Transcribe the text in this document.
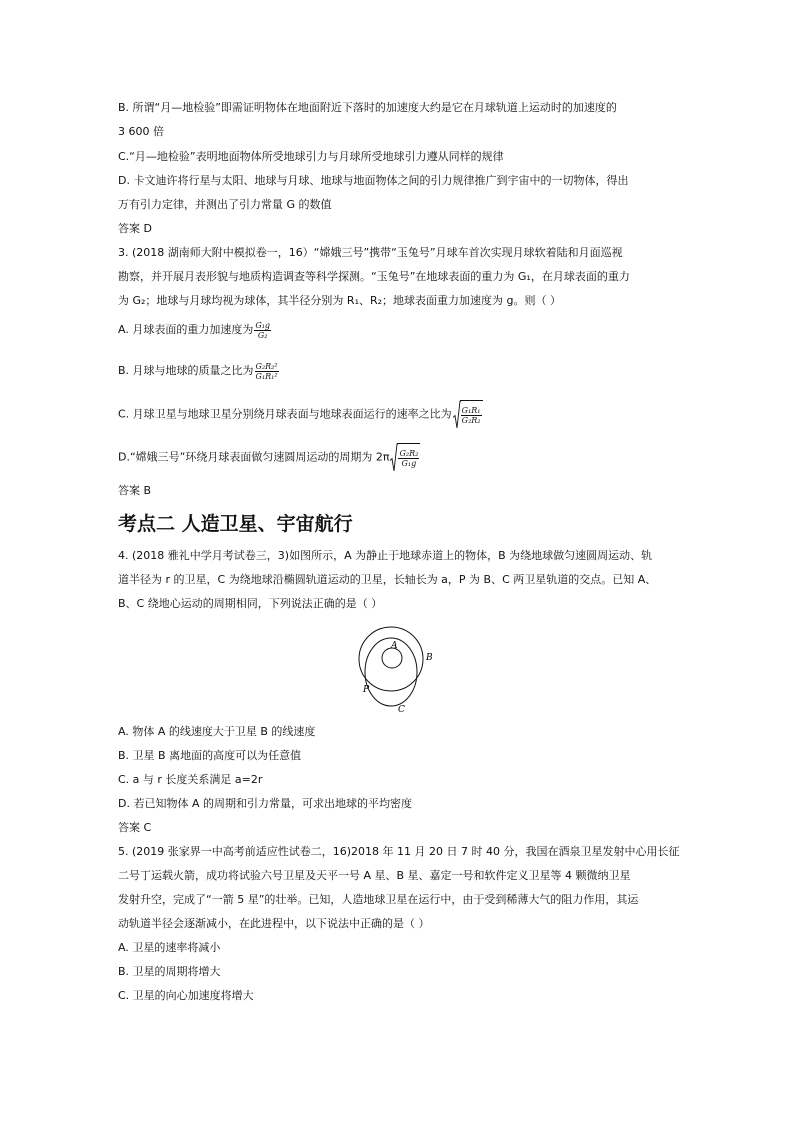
B. 所谓“月—地检验”即需证明物体在地面附近下落时的加速度大约是它在月球轨道上运动时的加速度的
3 600 倍
C.“月—地检验”表明地面物体所受地球引力与月球所受地球引力遵从同样的规律
D. 卡文迪许将行星与太阳、地球与月球、地球与地面物体之间的引力规律推广到宇宙中的一切物体，得出
万有引力定律，并测出了引力常量 G 的数值
答案 D
3. (2018 湖南师大附中模拟卷一，16）“嫦娥三号”携带“玉兔号”月球车首次实现月球软着陆和月面巡视
勘察，并开展月表形貌与地质构造调查等科学探测。“玉兔号”在地球表面的重力为 G₁，在月球表面的重力
为 G₂；地球与月球均视为球体，其半径分别为 R₁、R₂；地球表面重力加速度为 g。则（ ）
A. 月球表面的重力加速度为 $\frac{\text{G₁g}}{\text{G₂}}$
B. 月球与地球的质量之比为 $\frac{\text{G₂R₂²}}{\text{G₁R₁²}}$
C. 月球卫星与地球卫星分别绕月球表面与地球表面运行的速率之比为 $\frac{\text{G₁R₁}}{\text{G₂R₂}}$
D.“嫦娥三号”环绕月球表面做匀速圆周运动的周期为 $2\pi \frac{\text{G₂R₂}}{\text{G₁g}}$
答案 B
考点二 人造卫星、宇宙航行
4. (2018 雅礼中学月考试卷三，3)如图所示，A 为静止于地球赤道上的物体，B 为绕地球做匀速圆周运动、轨
道半径为 r 的卫星，C 为绕地球沿椭圆轨道运动的卫星，长轴长为 a，P 为 B、C 两卫星轨道的交点。已知 A、
B、C 绕地心运动的周期相同，下列说法正确的是（ ）
A
B
C
P
A. 物体 A 的线速度大于卫星 B 的线速度
B. 卫星 B 离地面的高度可以为任意值
C. a 与 r 长度关系满足 a=2r
D. 若已知物体 A 的周期和引力常量，可求出地球的平均密度
答案 C
5. (2019 张家界一中高考前适应性试卷二，16)2018 年 11 月 20 日 7 时 40 分，我国在酒泉卫星发射中心用长征
二号丁运载火箭，成功将试验六号卫星及天平一号 A 星、B 星、嘉定一号和软件定义卫星等 4 颗微纳卫星
发射升空，完成了“一箭 5 星”的壮举。已知，人造地球卫星在运行中，由于受到稀薄大气的阻力作用，其运
动轨道半径会逐渐减小，在此进程中，以下说法中正确的是（ ）
A. 卫星的速率将减小
B. 卫星的周期将增大
C. 卫星的向心加速度将增大
